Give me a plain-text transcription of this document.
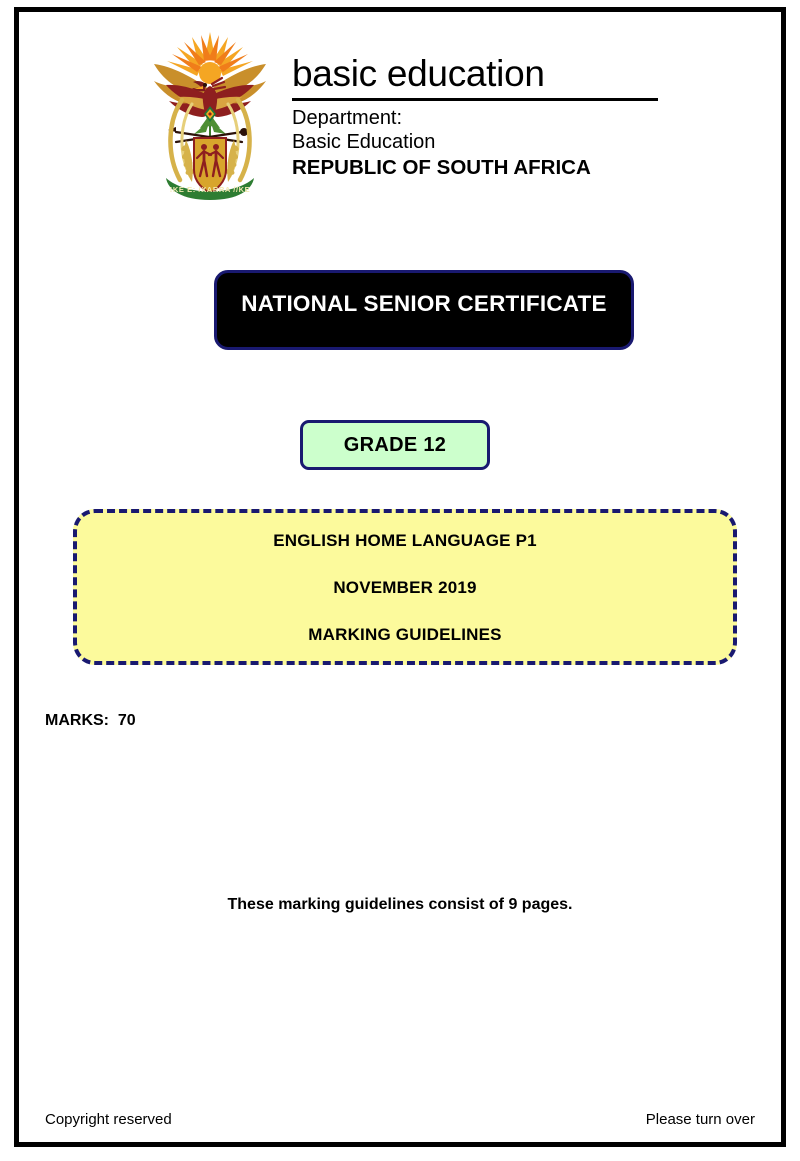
!KE E: /XARRA //KE
basic education
Department:
Basic Education
REPUBLIC OF SOUTH AFRICA
NATIONAL SENIOR CERTIFICATE
GRADE 12
ENGLISH HOME LANGUAGE P1
NOVEMBER 2019
MARKING GUIDELINES
MARKS:  70
These marking guidelines consist of 9 pages.
Copyright reserved	Please turn over
